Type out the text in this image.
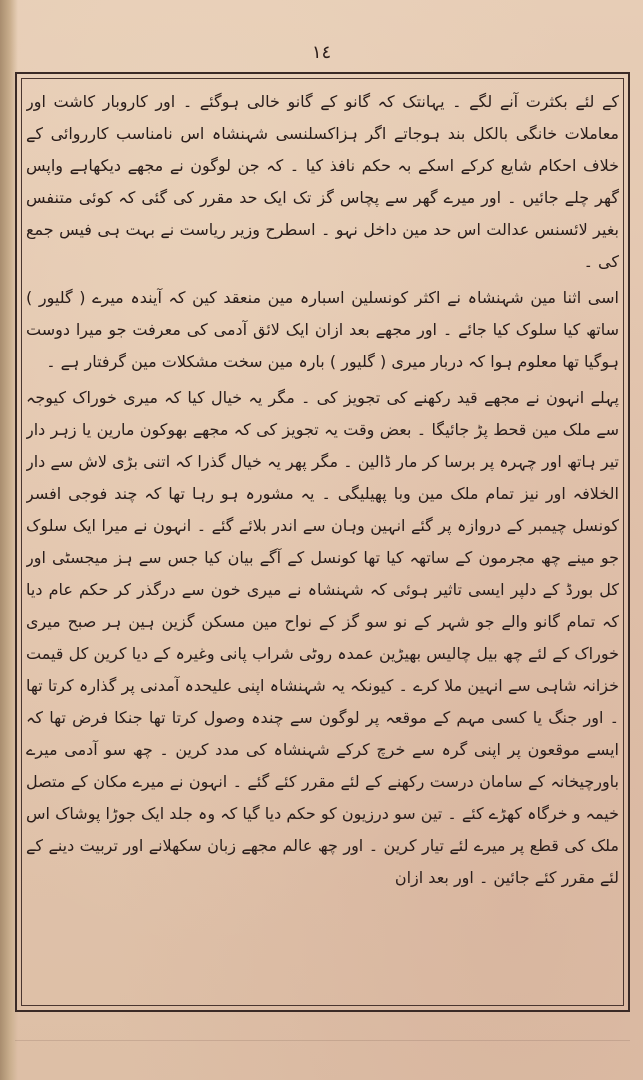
١٤

کے لئے بکثرت آنے لگے ۔ یہانتک کہ گانو کے گانو خالی ہوگئے ۔ اور کاروبار کاشت اور معاملات خانگی بالکل بند ہوجاتے اگر ہزاکسلنسی شہنشاہ اس نامناسب کارروائی کے خلاف احکام شایع کرکے اسکے بہ حکم نافذ کیا ۔ کہ جن لوگون نے مجھے دیکھاہے واپس گھر چلے جائیں ۔ اور میرے گھر سے پچاس گز تک ایک حد مقرر کی گئی کہ کوئی متنفس بغیر لائسنس عدالت اس حد مین داخل نہو ۔ اسطرح وزیر ریاست نے بہت ہی فیس جمع کی ۔

اسی اثنا مین شہنشاہ نے اکثر کونسلین اسبارہ مین منعقد کین کہ آیندہ میرے ( گلیور ) ساتھ کیا سلوک کیا جائے ۔ اور مجھے بعد ازان ایک لائق آدمی کی معرفت جو میرا دوست ہوگیا تھا معلوم ہوا کہ دربار میری ( گلیور ) بارہ مین سخت مشکلات مین گرفتار ہے ۔

پہلے انہون نے مجھے قید رکھنے کی تجویز کی ۔ مگر یہ خیال کیا کہ میری خوراک کیوجہ سے ملک مین قحط پڑ جائیگا ۔ بعض وقت یہ تجویز کی کہ مجھے بھوکون مارین یا زہر دار تیر ہاتھ اور چہرہ پر برسا کر مار ڈالین ۔ مگر پھر یہ خیال گذرا کہ اتنی بڑی لاش سے دار الخلافہ اور نیز تمام ملک مین وبا پھیلیگی ۔ یہ مشورہ ہو رہا تھا کہ چند فوجی افسر کونسل چیمبر کے دروازہ پر گئے انہین وہان سے اندر بلائے گئے ۔ انہون نے میرا ایک سلوک جو مینے چھ مجرمون کے ساتھہ کیا تھا کونسل کے آگے بیان کیا جس سے ہز میجسٹی اور کل بورڈ کے دلپر ایسی تاثیر ہوئی کہ شہنشاہ نے میری خون سے درگذر کر حکم عام دیا کہ تمام گانو والے جو شہر کے نو سو گز کے نواح مین مسکن گزین ہین ہر صبح میری خوراک کے لئے چھ بیل چالیس بھیڑین عمدہ روٹی شراب پانی وغیرہ کے دیا کرین کل قیمت خزانہ شاہی سے انہین ملا کرے ۔ کیونکہ یہ شہنشاہ اپنی علیحدہ آمدنی پر گذارہ کرتا تھا ۔ اور جنگ یا کسی مہم کے موقعہ پر لوگون سے چندہ وصول کرتا تھا جنکا فرض تھا کہ ایسے موقعون پر اپنی گرہ سے خرچ کرکے شہنشاہ کی مدد کرین ۔ چھ سو آدمی میرے باورچیخانہ کے سامان درست رکھنے کے لئے مقرر کئے گئے ۔ انہون نے میرے مکان کے متصل خیمہ و خرگاہ کھڑے کئے ۔ تین سو درزیون کو حکم دیا گیا کہ وہ جلد ایک جوڑا پوشاک اس ملک کی قطع پر میرے لئے تیار کرین ۔ اور چھ عالم مجھے زبان سکھلانے اور تربیت دینے کے لئے مقرر کئے جائین ۔ اور بعد ازان
